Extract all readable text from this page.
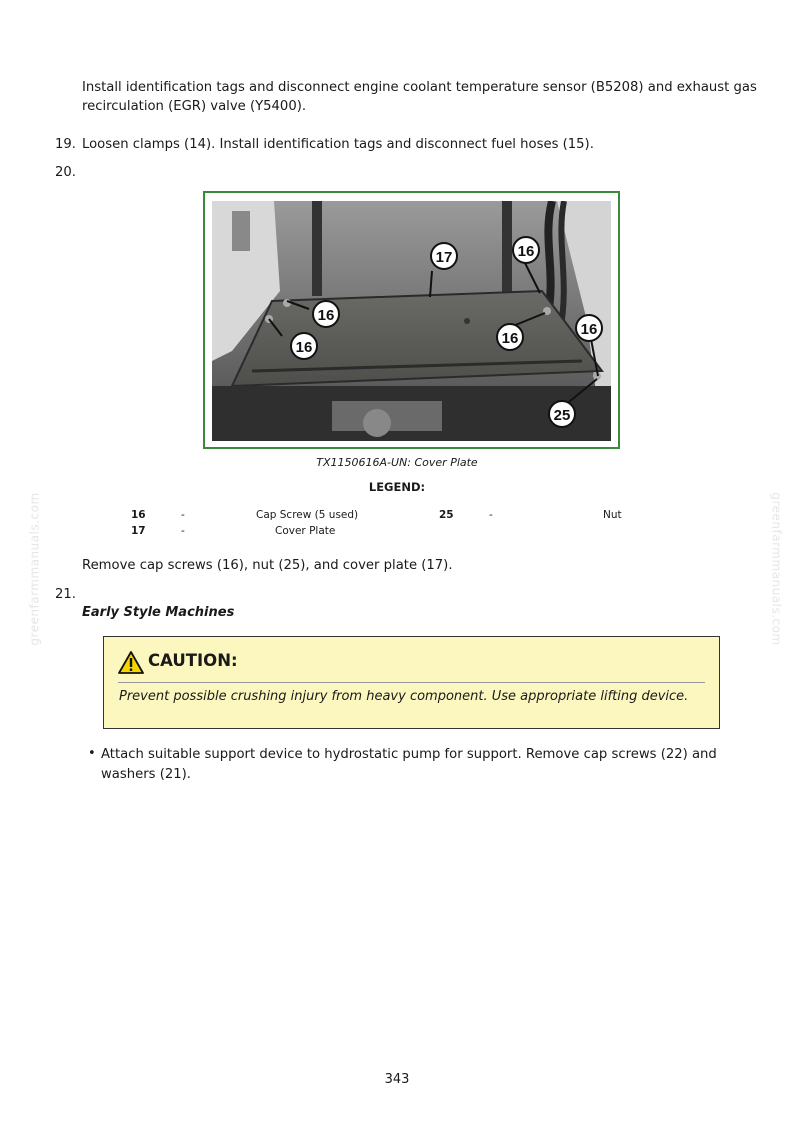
greenfarmmanuals.com	greenfarmmanuals.com
Install identification tags and disconnect engine coolant temperature sensor (B5208) and exhaust gas
recirculation (EGR) valve (Y5400).
19. Loosen clamps (14). Install identification tags and disconnect fuel hoses (15).
20.
17	16
16
16
16
16
25
TX1150616A-UN: Cover Plate
LEGEND:
16	-	Cap Screw (5 used)	25	-	Nut
17	-	Cover Plate
Remove cap screws (16), nut (25), and cover plate (17).
21.
Early Style Machines
CAUTION:
Prevent possible crushing injury from heavy component. Use appropriate lifting device.
• Attach suitable support device to hydrostatic pump for support. Remove cap screws (22) and
washers (21).
343
